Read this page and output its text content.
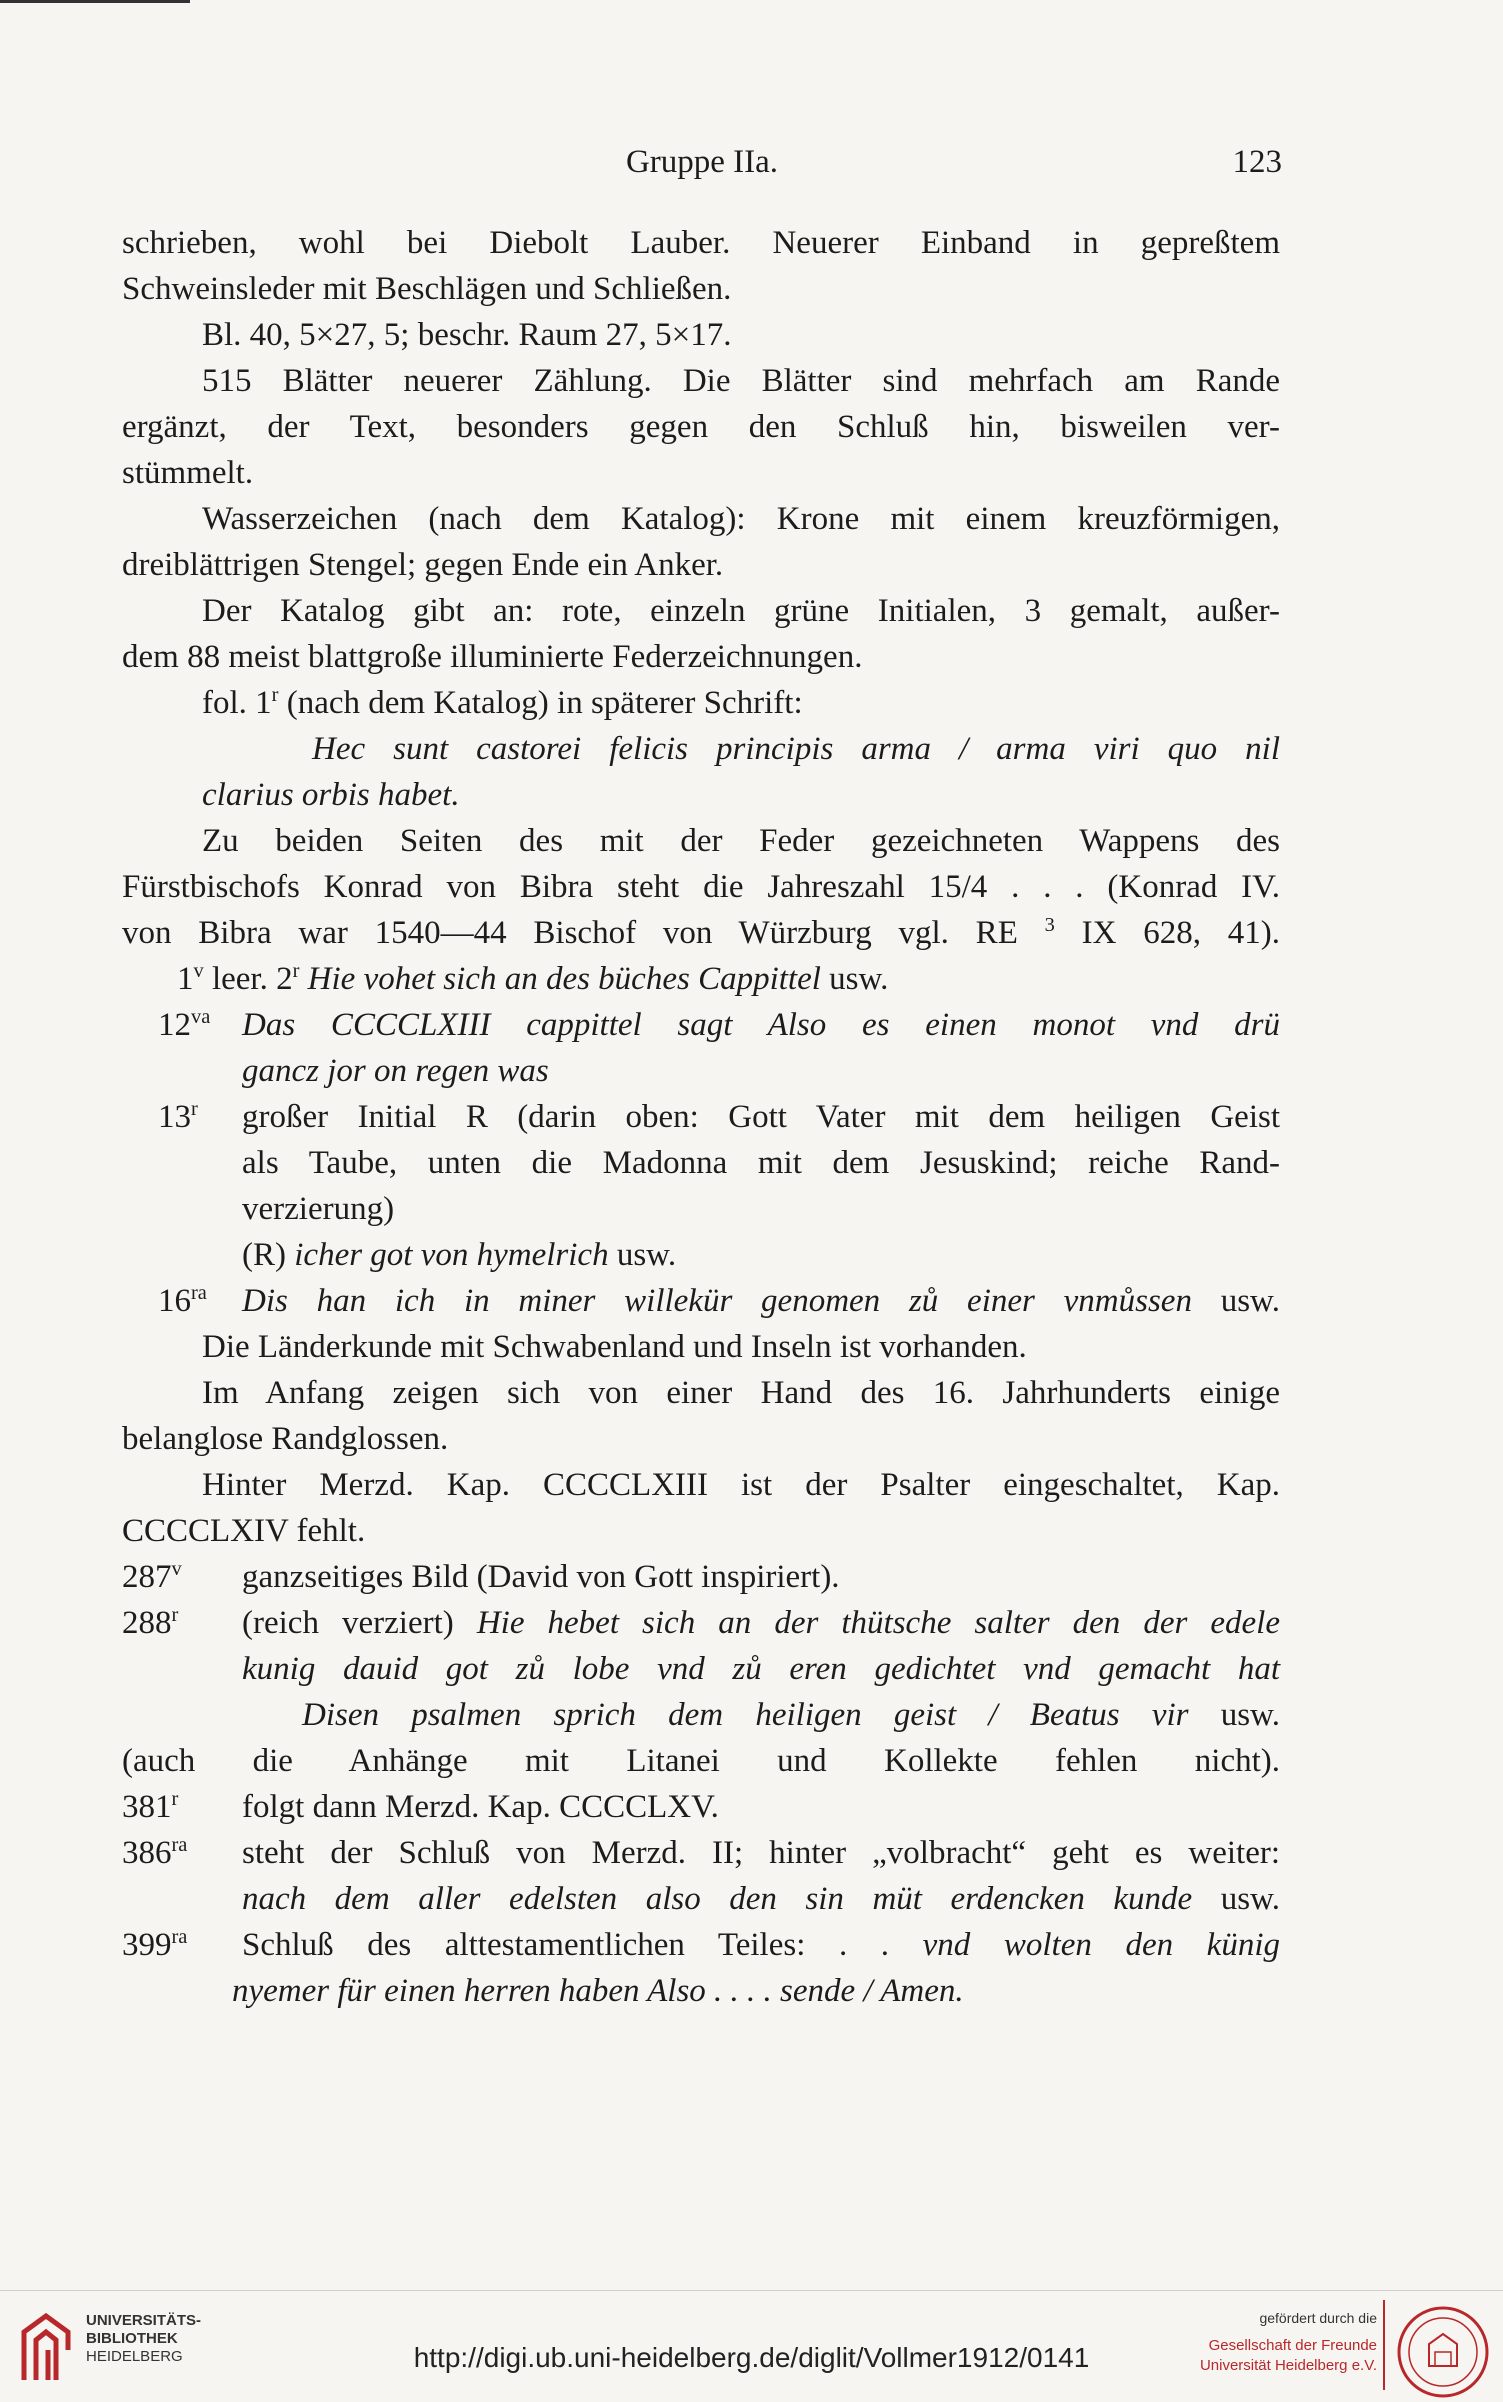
Gruppe IIa.	123
schrieben, wohl bei Diebolt Lauber. Neuerer Einband in gepreßtem
Schweinsleder mit Beschlägen und Schließen.
Bl. 40, 5×27, 5; beschr. Raum 27, 5×17.
515 Blätter neuerer Zählung. Die Blätter sind mehrfach am Rande
ergänzt, der Text, besonders gegen den Schluß hin, bisweilen ver-
stümmelt.
Wasserzeichen (nach dem Katalog): Krone mit einem kreuzförmigen,
dreiblättrigen Stengel; gegen Ende ein Anker.
Der Katalog gibt an: rote, einzeln grüne Initialen, 3 gemalt, außer-
dem 88 meist blattgroße illuminierte Federzeichnungen.
fol. 1$^r$ (nach dem Katalog) in späterer Schrift:
Hec sunt castorei felicis principis arma / arma viri quo nil
clarius orbis habet.
Zu beiden Seiten des mit der Feder gezeichneten Wappens des
Fürstbischofs Konrad von Bibra steht die Jahreszahl 15/4 . . . (Konrad IV.
von Bibra war 1540—44 Bischof von Würzburg vgl. RE $^3$ IX 628, 41).
1$^v$ leer. 2$^r$ Hie vohet sich an des büches Cappittel usw.
$12^{va}$ Das CCCCLXIII cappittel sagt Also es einen monot vnd drü
gancz jor on regen was
13$^r$	großer Initial R (darin oben: Gott Vater mit dem heiligen Geist
als Taube, unten die Madonna mit dem Jesuskind; reiche Rand-
verzierung)
(R) icher got von hymelrich usw.
$16^{ra}$	Dis han ich in miner willekür genomen zů einer vnmůssen usw.
Die Länderkunde mit Schwabenland und Inseln ist vorhanden.
Im Anfang zeigen sich von einer Hand des 16. Jahrhunderts einige
belanglose Randglossen.
Hinter Merzd. Kap. CCCCLXIII ist der Psalter eingeschaltet, Kap.
CCCCLXIV fehlt.
287$^v$	ganzseitiges Bild (David von Gott inspiriert).
288$^r$	(reich verziert) Hie hebet sich an der thütsche salter den der edele
kunig dauid got zů lobe vnd zů eren gedichtet vnd gemacht hat
Disen psalmen sprich dem heiligen geist / Beatus vir usw.
(auch die Anhänge mit Litanei und Kollekte fehlen nicht).
381$^r$	folgt dann Merzd. Kap. CCCCLXV.
$386^{ra}$	steht der Schluß von Merzd. II; hinter „volbracht“ geht es weiter:
nach dem aller edelsten also den sin müt erdencken kunde usw.
$399^{ra}$	Schluß des alttestamentlichen Teiles: . . vnd wolten den künig
nyemer für einen herren haben Also . . . . sende / Amen.
UNIVERSITÄTS-
BIBLIOTHEK
HEIDELBERG	http://digi.ub.uni-heidelberg.de/diglit/Vollmer1912/0141
gefördert durch die
Gesellschaft der Freunde
Universität Heidelberg e.V.
